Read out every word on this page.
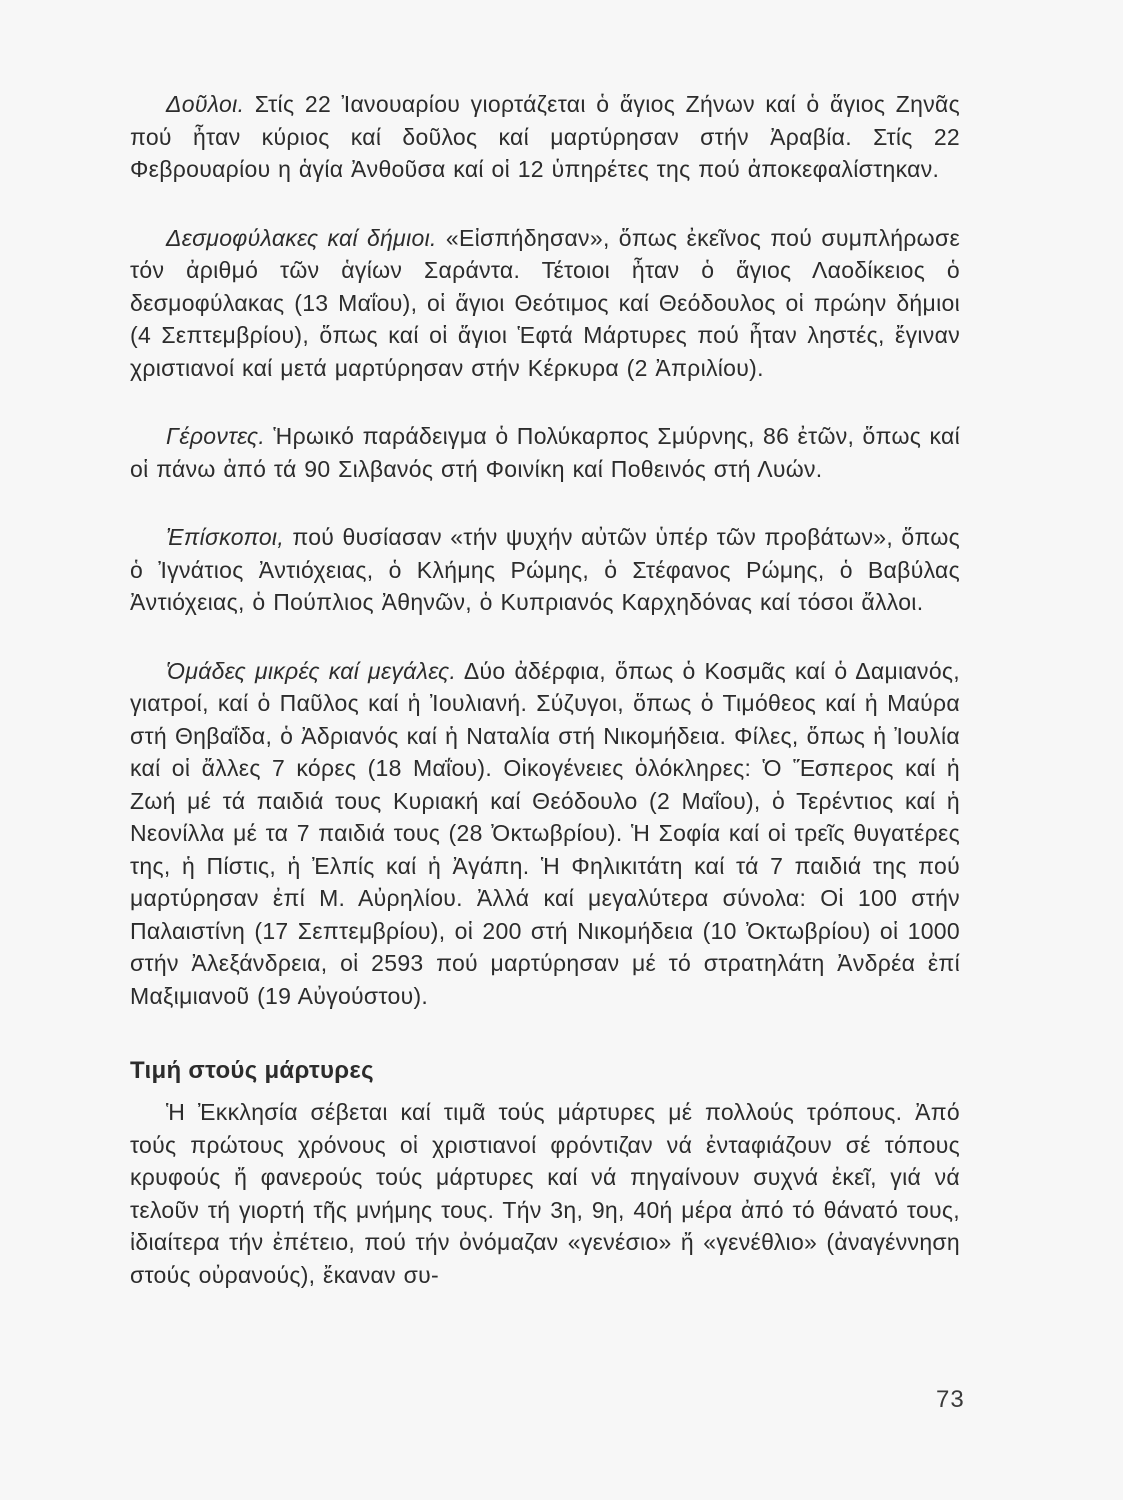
Δοῦλοι. Στίς 22 Ἰανουαρίου γιορτάζεται ὁ ἅγιος Ζήνων καί ὁ ἅγιος Ζηνᾶς πού ἦταν κύριος καί δοῦλος καί μαρτύρησαν στήν Ἀραβία. Στίς 22 Φεβρουαρίου η ἁγία Ἀνθοῦσα καί οἱ 12 ὑπηρέτες της πού ἀποκεφαλίστηκαν.

Δεσμοφύλακες καί δήμιοι. «Εἰσπήδησαν», ὅπως ἐκεῖνος πού συμπλήρωσε τόν ἀριθμό τῶν ἁγίων Σαράντα. Τέτοιοι ἦταν ὁ ἅγιος Λαοδίκειος ὁ δεσμοφύλακας (13 Μαΐου), οἱ ἅγιοι Θεότιμος καί Θεόδουλος οἱ πρώην δήμιοι (4 Σεπτεμβρίου), ὅπως καί οἱ ἅγιοι Ἑφτά Μάρτυρες πού ἦταν ληστές, ἔγιναν χριστιανοί καί μετά μαρτύρησαν στήν Κέρκυρα (2 Ἀπριλίου).

Γέροντες. Ἡρωικό παράδειγμα ὁ Πολύκαρπος Σμύρνης, 86 ἐτῶν, ὅπως καί οἱ πάνω ἀπό τά 90 Σιλβανός στή Φοινίκη καί Ποθεινός στή Λυών.

Ἐπίσκοποι, πού θυσίασαν «τήν ψυχήν αὐτῶν ὑπέρ τῶν προβάτων», ὅπως ὁ Ἰγνάτιος Ἀντιόχειας, ὁ Κλήμης Ρώμης, ὁ Στέφανος Ρώμης, ὁ Βαβύλας Ἀντιόχειας, ὁ Πούπλιος Ἀθηνῶν, ὁ Κυπριανός Καρχηδόνας καί τόσοι ἄλλοι.

Ὁμάδες μικρές καί μεγάλες. Δύο ἀδέρφια, ὅπως ὁ Κοσμᾶς καί ὁ Δαμιανός, γιατροί, καί ὁ Παῦλος καί ἡ Ἰουλιανή. Σύζυγοι, ὅπως ὁ Τιμόθεος καί ἡ Μαύρα στή Θηβαΐδα, ὁ Ἀδριανός καί ἡ Ναταλία στή Νικομήδεια. Φίλες, ὅπως ἡ Ἰουλία καί οἱ ἄλλες 7 κόρες (18 Μαΐου). Οἰκογένειες ὁλόκληρες: Ὁ Ἕσπερος καί ἡ Ζωή μέ τά παιδιά τους Κυριακή καί Θεόδουλο (2 Μαΐου), ὁ Τερέντιος καί ἡ Νεονίλλα μέ τα 7 παιδιά τους (28 Ὀκτωβρίου). Ἡ Σοφία καί οἱ τρεῖς θυγατέρες της, ἡ Πίστις, ἡ Ἐλπίς καί ἡ Ἀγάπη. Ἡ Φηλικιτάτη καί τά 7 παιδιά της πού μαρτύρησαν ἐπί Μ. Αὐρηλίου. Ἀλλά καί μεγαλύτερα σύνολα: Οἱ 100 στήν Παλαιστίνη (17 Σεπτεμβρίου), οἱ 200 στή Νικομήδεια (10 Ὀκτωβρίου) οἱ 1000 στήν Ἀλεξάνδρεια, οἱ 2593 πού μαρτύρησαν μέ τό στρατηλάτη Ἀνδρέα ἐπί Μαξιμιανοῦ (19 Αὐγούστου).

Τιμή στούς μάρτυρες

Ἡ Ἐκκλησία σέβεται καί τιμᾶ τούς μάρτυρες μέ πολλούς τρόπους. Ἀπό τούς πρώτους χρόνους οἱ χριστιανοί φρόντιζαν νά ἐνταφιάζουν σέ τόπους κρυφούς ἤ φανερούς τούς μάρτυρες καί νά πηγαίνουν συχνά ἐκεῖ, γιά νά τελοῦν τή γιορτή τῆς μνήμης τους. Τήν 3η, 9η, 40ή μέρα ἀπό τό θάνατό τους, ἰδιαίτερα τήν ἐπέτειο, πού τήν ὀνόμαζαν «γενέσιο» ἤ «γενέθλιο» (ἀναγέννηση στούς οὐρανούς), ἔκαναν συ-

73
